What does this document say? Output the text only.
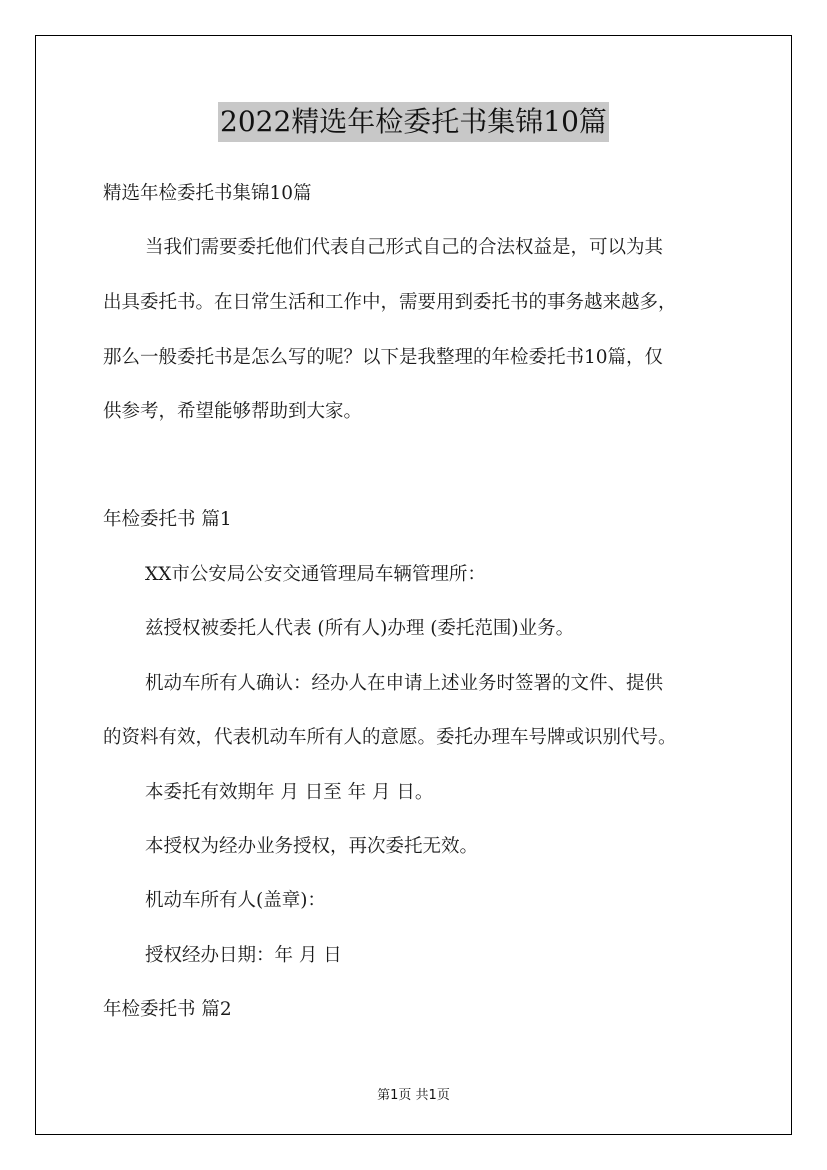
2022精选年检委托书集锦10篇
精选年检委托书集锦10篇
当我们需要委托他们代表自己形式自己的合法权益是，可以为其
出具委托书。在日常生活和工作中，需要用到委托书的事务越来越多，
那么一般委托书是怎么写的呢？以下是我整理的年检委托书10篇，仅
供参考，希望能够帮助到大家。
年检委托书 篇1
XX市公安局公安交通管理局车辆管理所：
兹授权被委托人代表 (所有人)办理 (委托范围)业务。
机动车所有人确认：经办人在申请上述业务时签署的文件、提供
的资料有效，代表机动车所有人的意愿。委托办理车号牌或识别代号。
本委托有效期年 月 日至 年 月 日。
本授权为经办业务授权，再次委托无效。
机动车所有人(盖章)：
授权经办日期：年 月 日
年检委托书 篇2
第1页 共1页
